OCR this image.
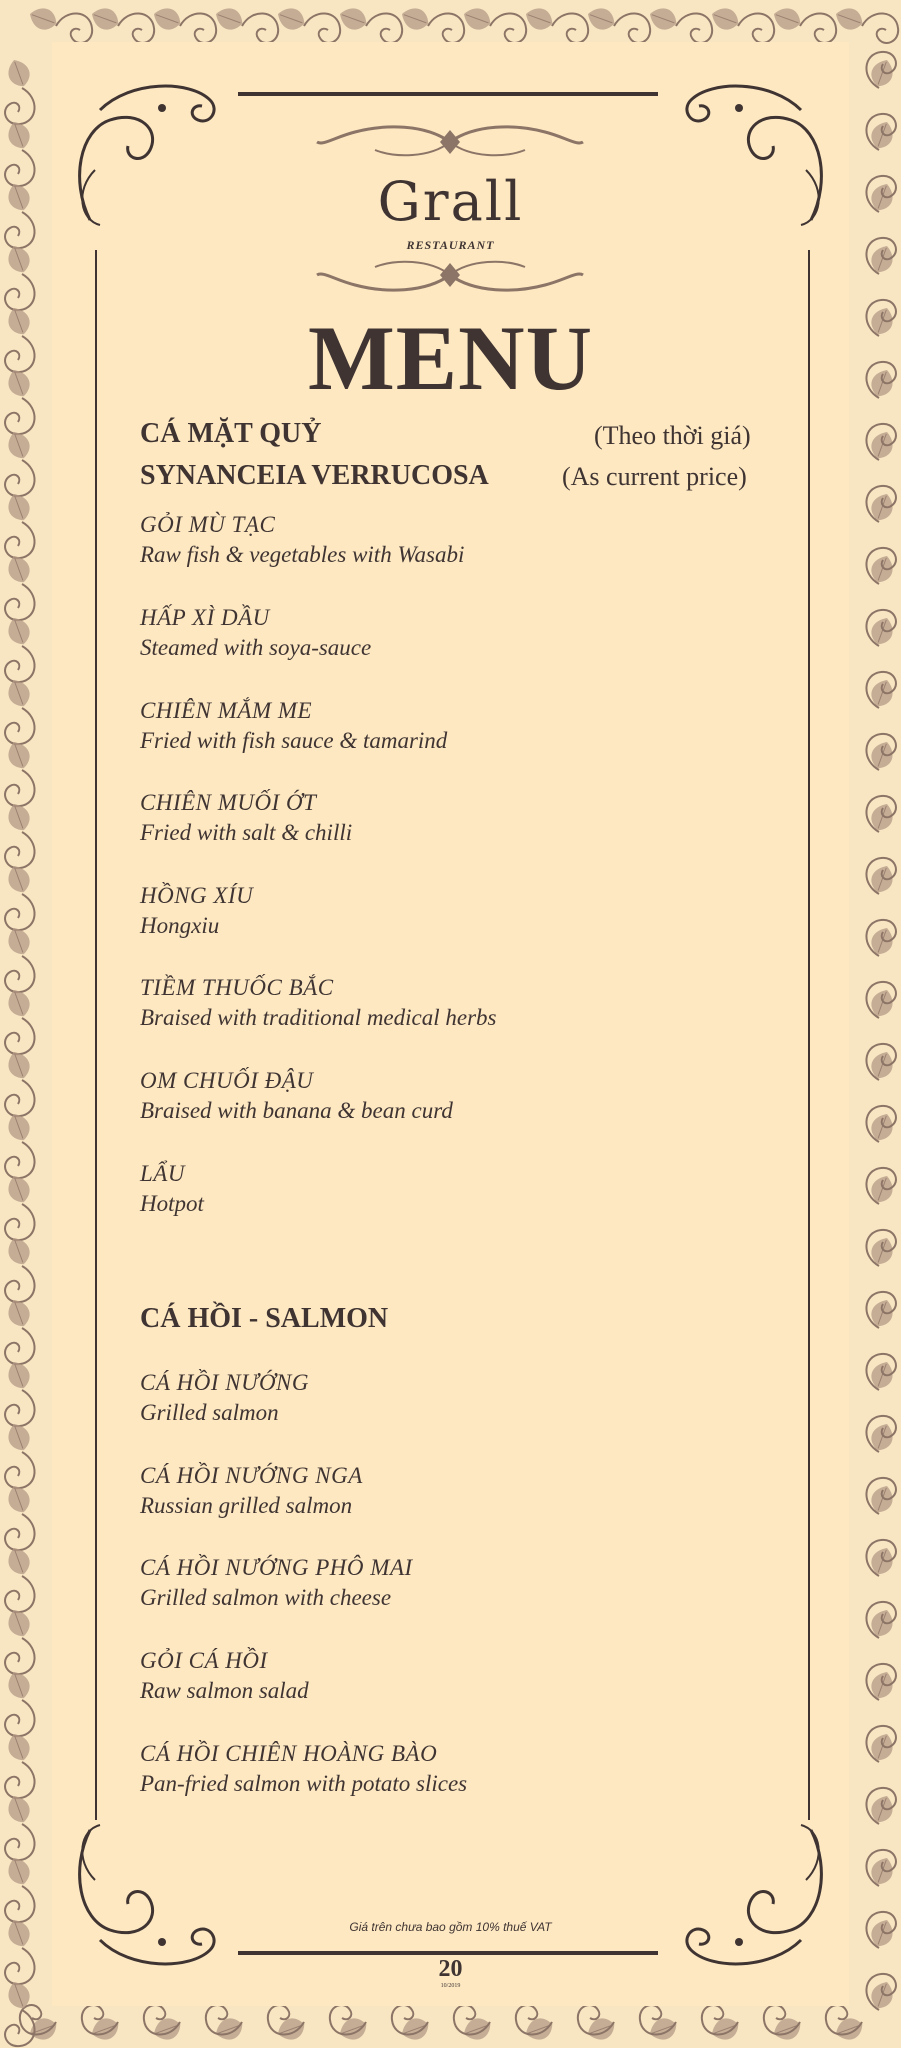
Grall
RESTAURANT
MENU
CÁ MẶT QUỶ	(Theo thời giá)
SYNANCEIA VERRUCOSA	(As current price)
GỎI MÙ TẠC
Raw fish & vegetables with Wasabi
HẤP XÌ DẦU
Steamed with soya-sauce
CHIÊN MẮM ME
Fried with fish sauce & tamarind
CHIÊN MUỐI ỚT
Fried with salt & chilli
HỒNG XÍU
Hongxiu
TIỀM THUỐC BẮC
Braised with traditional medical herbs
OM CHUỐI ĐẬU
Braised with banana & bean curd
LẨU
Hotpot
CÁ HỒI - SALMON
CÁ HỒI NƯỚNG
Grilled salmon
CÁ HỒI NƯỚNG NGA
Russian grilled salmon
CÁ HỒI NƯỚNG PHÔ MAI
Grilled salmon with cheese
GỎI CÁ HỒI
Raw salmon salad
CÁ HỒI CHIÊN HOÀNG BÀO
Pan-fried salmon with potato slices
Giá trên chưa bao gồm 10% thuế VAT
20
10/2019
